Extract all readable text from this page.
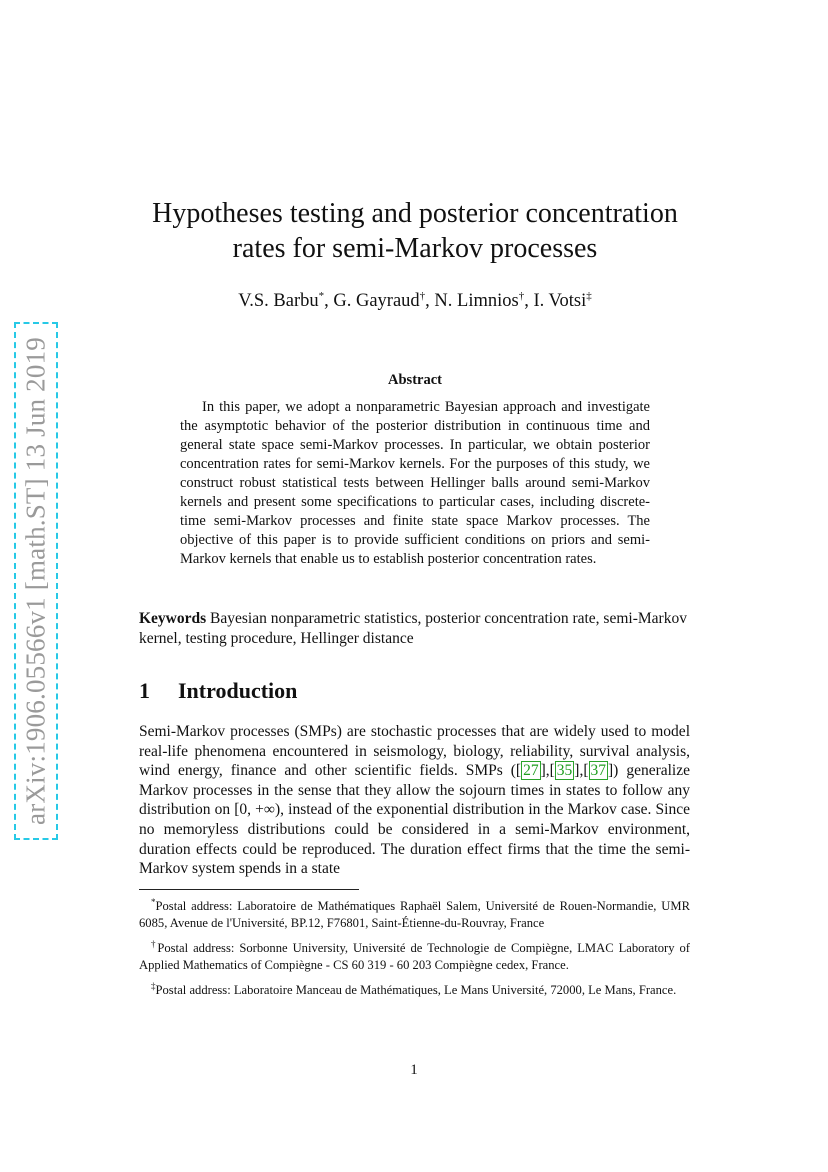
arXiv:1906.05566v1 [math.ST] 13 Jun 2019
Hypotheses testing and posterior concentration
rates for semi-Markov processes
V.S. Barbu*, G. Gayraud†, N. Limnios†, I. Votsi‡
Abstract
In this paper, we adopt a nonparametric Bayesian approach and investigate the asymptotic behavior of the posterior distribution in continuous time and general state space semi-Markov processes. In particular, we obtain posterior concentration rates for semi-Markov kernels. For the purposes of this study, we construct robust statistical tests between Hellinger balls around semi-Markov kernels and present some specifications to particular cases, including discrete-time semi-Markov processes and finite state space Markov processes. The objective of this paper is to provide sufficient conditions on priors and semi-Markov kernels that enable us to establish posterior concentration rates.
Keywords Bayesian nonparametric statistics, posterior concentration rate, semi-Markov kernel, testing procedure, Hellinger distance
1 Introduction
Semi-Markov processes (SMPs) are stochastic processes that are widely used to model real-life phenomena encountered in seismology, biology, reliability, survival analysis, wind energy, finance and other scientific fields. SMPs ([ 27 ],[ 35 ],[ 37 ]) generalize Markov processes in the sense that they allow the sojourn times in states to follow any distribution on [0, +∞), instead of the exponential distribution in the Markov case. Since no memoryless distributions could be considered in a semi-Markov environment, duration effects could be reproduced. The duration effect firms that the time the semi-Markov system spends in a state

*Postal address: Laboratoire de Mathématiques Raphaël Salem, Université de Rouen-Normandie, UMR 6085, Avenue de l'Université, BP.12, F76801, Saint-Étienne-du-Rouvray, France

†Postal address: Sorbonne University, Université de Technologie de Compiègne, LMAC Laboratory of Applied Mathematics of Compiègne - CS 60 319 - 60 203 Compiègne cedex, France.

‡Postal address: Laboratoire Manceau de Mathématiques, Le Mans Université, 72000, Le Mans, France.

1
